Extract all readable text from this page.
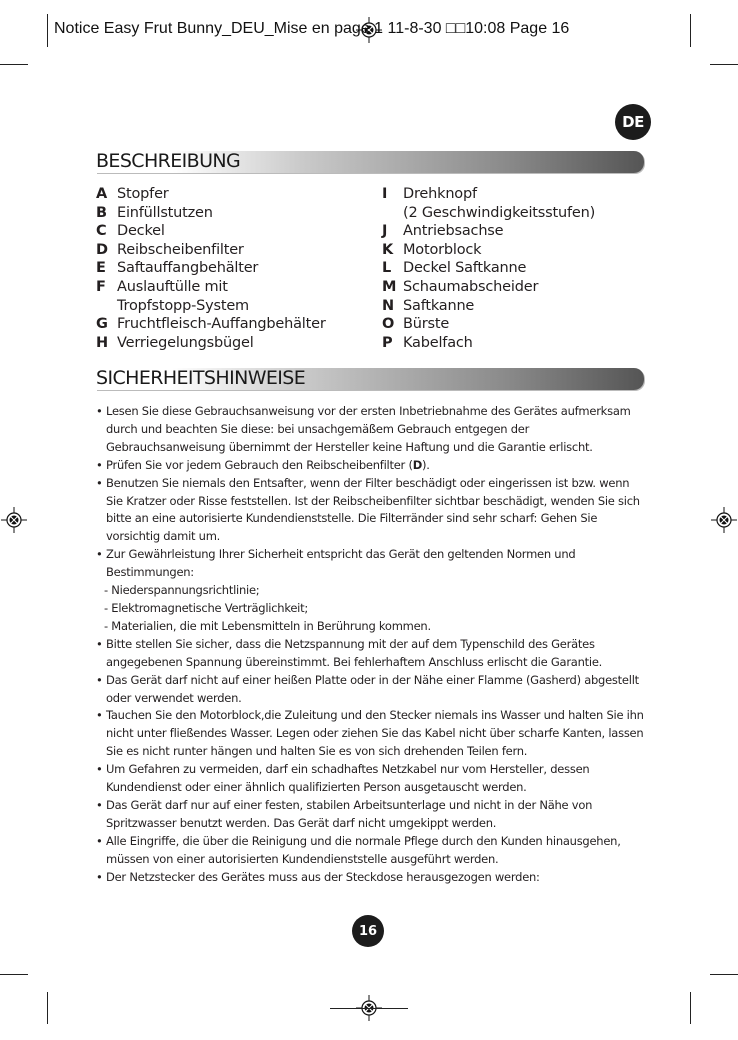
Notice Easy Frut Bunny_DEU_Mise en page 1 11-8-30 □□10:08 Page 16
DE
BESCHREIBUNG
A Stopfer
B Einfüllstutzen
C Deckel
D Reibscheibenfilter
E Saftauffangbehälter
F Auslauftülle mit
Tropfstopp-System
G Fruchtfleisch-Auffangbehälter
H Verriegelungsbügel
I	Drehknopf
(2 Geschwindigkeitsstufen)
J	Antriebsachse
K Motorblock
L Deckel Saftkanne
M Schaumabscheider
N Saftkanne
O Bürste
P Kabelfach
SICHERHEITSHINWEISE
• Lesen Sie diese Gebrauchsanweisung vor der ersten Inbetriebnahme des Gerätes aufmerksam durch und beachten Sie diese: bei unsachgemäßem Gebrauch entgegen der Gebrauchsanweisung übernimmt der Hersteller keine Haftung und die Garantie erlischt.
• Prüfen Sie vor jedem Gebrauch den Reibscheibenfilter (D).
• Benutzen Sie niemals den Entsafter, wenn der Filter beschädigt oder eingerissen ist bzw. wenn Sie Kratzer oder Risse feststellen. Ist der Reibscheibenfilter sichtbar beschädigt, wenden Sie sich bitte an eine autorisierte Kundendienststelle. Die Filterränder sind sehr scharf: Gehen Sie vorsichtig damit um.
• Zur Gewährleistung Ihrer Sicherheit entspricht das Gerät den geltenden Normen und Bestimmungen:
- Niederspannungsrichtlinie;
- Elektromagnetische Verträglichkeit;
- Materialien, die mit Lebensmitteln in Berührung kommen.
• Bitte stellen Sie sicher, dass die Netzspannung mit der auf dem Typenschild des Gerätes angegebenen Spannung übereinstimmt. Bei fehlerhaftem Anschluss erlischt die Garantie.
• Das Gerät darf nicht auf einer heißen Platte oder in der Nähe einer Flamme (Gasherd) abgestellt oder verwendet werden.
• Tauchen Sie den Motorblock,die Zuleitung und den Stecker niemals ins Wasser und halten Sie ihn nicht unter fließendes Wasser. Legen oder ziehen Sie das Kabel nicht über scharfe Kanten, lassen Sie es nicht runter hängen und halten Sie es von sich drehenden Teilen fern.
• Um Gefahren zu vermeiden, darf ein schadhaftes Netzkabel nur vom Hersteller, dessen Kundendienst oder einer ähnlich qualifizierten Person ausgetauscht werden.
• Das Gerät darf nur auf einer festen, stabilen Arbeitsunterlage und nicht in der Nähe von Spritzwasser benutzt werden. Das Gerät darf nicht umgekippt werden.
• Alle Eingriffe, die über die Reinigung und die normale Pflege durch den Kunden hinausgehen, müssen von einer autorisierten Kundendienststelle ausgeführt werden.
• Der Netzstecker des Gerätes muss aus der Steckdose herausgezogen werden:
16
